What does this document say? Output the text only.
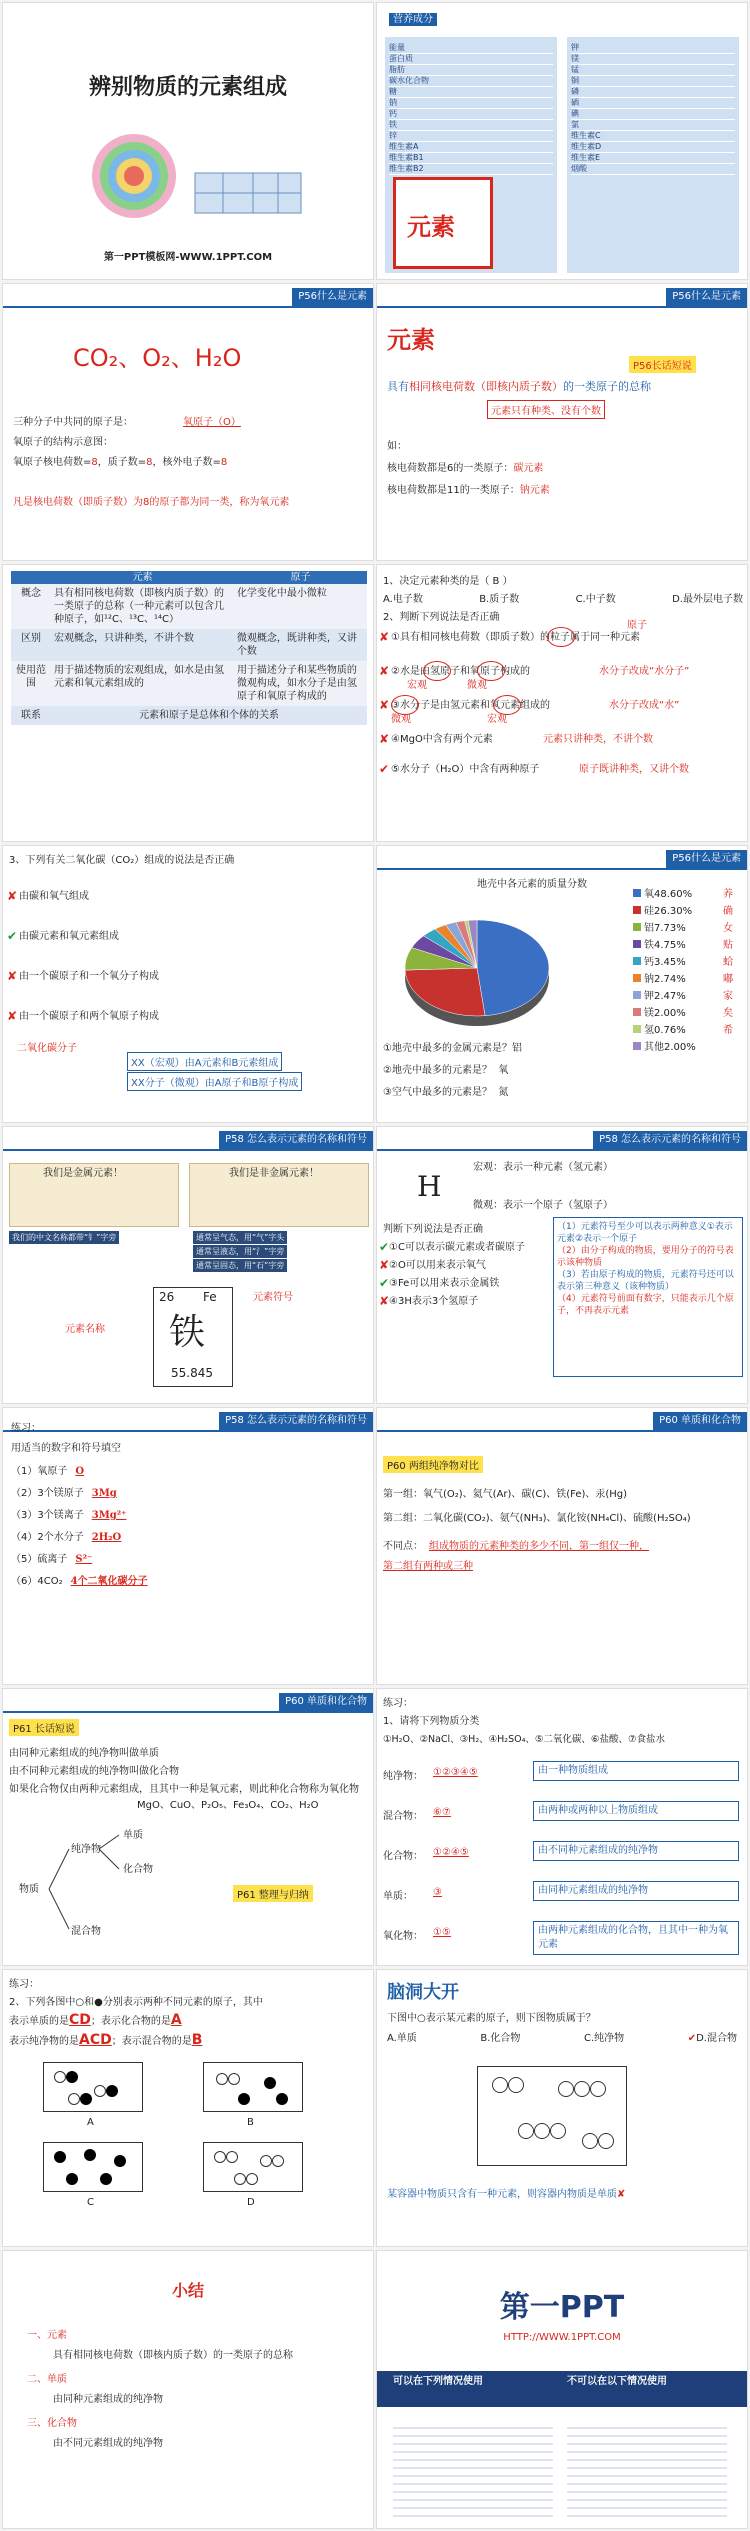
辨别物质的元素组成
第一PPT模板网-WWW.1PPT.COM
营养成分
元素
能量
蛋白质
脂肪
碳水化合物
糖
钠
钙
铁
锌
维生素A
维生素B1
维生素B2
钾
镁
锰
铜
磷
硒
碘
氯
维生素C
维生素D
维生素E
烟酸
P56什么是元素
CO₂、O₂、H₂O
三种分子中共同的原子是：	氧原子（O）
氧原子的结构示意图：
氧原子核电荷数=8，质子数=8，核外电子数=8
凡是核电荷数（即质子数）为8的原子都为同一类，称为氧元素
P56什么是元素
元素
P56长话短说
具有相同核电荷数（即核内质子数）的一类原子的总称
元素只有种类、没有个数
如：
核电荷数都是6的一类原子：碳元素
核电荷数都是11的一类原子：钠元素
	元素	原子
概念	具有相同核电荷数（即核内质子数）的一类原子的总称（一种元素可以包含几种原子，如¹²C、¹³C、¹⁴C）	化学变化中最小微粒
区别	宏观概念，只讲种类，不讲个数	微观概念，既讲种类，又讲个数
使用范围	用于描述物质的宏观组成，如水是由氢元素和氧元素组成的	用于描述分子和某些物质的微观构成，如水分子是由氢原子和氧原子构成的
联系	元素和原子是总体和个体的关系	
1、决定元素种类的是（ B ）
A.电子数	B.质子数	C.中子数	D.最外层电子数
2、判断下列说法是否正确
✘ ①具有相同核电荷数（即质子数）的粒子属于同一种元素
原子
✘ ②水是由氢原子和氧原子构成的	水分子改成“水分子”
宏观	微观
✘ ③水分子是由氢元素和氧元素组成的	水分子改成“水”
微观	宏观
✘ ④MgO中含有两个元素	元素只讲种类，不讲个数
✔ ⑤水分子（H₂O）中含有两种原子	原子既讲种类，又讲个数
3、下列有关二氧化碳（CO₂）组成的说法是否正确
✘ 由碳和氧气组成
✔ 由碳元素和氧元素组成
✘ 由一个碳原子和一个氧分子构成
✘ 由一个碳原子和两个氧原子构成
二氧化碳分子
XX（宏观）由A元素和B元素组成
XX分子（微观）由A原子和B原子构成
P56什么是元素
地壳中各元素的质量分数
氧48.60%
硅26.30%
铝7.73%
铁4.75%
钙3.45%
钠2.74%
钾2.47%
镁2.00%
氢0.76%
其他2.00%
养确女贴蛤嘟家矣希
①地壳中最多的金属元素是？铝
②地壳中最多的元素是？ 氧
③空气中最多的元素是？ 氮
P58 怎么表示元素的名称和符号
我们是金属元素！	我们是非金属元素！
我们的中文名称都带“钅”字旁	通常呈气态，用“气”字头
通常呈液态，用“氵”字旁
通常呈固态，用“石”字旁
26 Fe
铁
55.845
元素符号
元素名称
P58 怎么表示元素的名称和符号
H
宏观：表示一种元素（氢元素）
微观：表示一个原子（氢原子）
判断下列说法是否正确
✔ ①C可以表示碳元素或者碳原子
✘ ②O可以用来表示氧气
✔ ③Fe可以用来表示金属铁
✘ ④3H表示3个氢原子
（1）元素符号至少可以表示两种意义①表示元素②表示一个原子
（2）由分子构成的物质，要用分子的符号表示该种物质
（3）若由原子构成的物质，元素符号还可以表示第三种意义（该种物质）
（4）元素符号前面有数字，只能表示几个原子，不再表示元素
P58 怎么表示元素的名称和符号
练习：
用适当的数字和符号填空
（1）氧原子 O
（2）3个镁原子 3Mg
（3）3个镁离子 3Mg²⁺
（4）2个水分子 2H₂O
（5）硫离子 S²⁻
（6）4CO₂ 4个二氧化碳分子
P60 单质和化合物
P60 两组纯净物对比
第一组：氧气(O₂)、氦气(Ar)、碳(C)、铁(Fe)、汞(Hg)
第二组：二氧化碳(CO₂)、氨气(NH₃)、氯化铵(NH₄Cl)、硫酸(H₂SO₄)
不同点： 组成物质的元素种类的多少不同，第一组仅一种，
第二组有两种或三种
P60 单质和化合物
P61 长话短说
由同种元素组成的纯净物叫做单质
由不同种元素组成的纯净物叫做化合物
如果化合物仅由两种元素组成，且其中一种是氧元素，则此种化合物称为氧化物
MgO、CuO、P₂O₅、Fe₃O₄、CO₂、H₂O
物质
纯净物
单质
化合物
混合物
P61 整理与归纳
练习：
1、请将下列物质分类
①H₂O、②NaCl、③H₂、④H₂SO₄、⑤二氧化碳、⑥盐酸、⑦食盐水
纯净物： ①②③④⑤	由一种物质组成
混合物： ⑥⑦	由两种或两种以上物质组成
化合物： ①②④⑤	由不同种元素组成的纯净物
单质： ③	由同种元素组成的纯净物
氧化物： ①⑤	由两种元素组成的化合物，且其中一种为氧元素
练习：
2、下列各图中○和●分别表示两种不同元素的原子，其中
表示单质的是CD；表示化合物的是A
表示纯净物的是ACD；表示混合物的是B
A	B
C	D
脑洞大开
下图中○表示某元素的原子，则下图物质属于？
A.单质	B.化合物	C.纯净物	✔D.混合物
某容器中物质只含有一种元素，则容器内物质是单质✘
小结
一、元素
具有相同核电荷数（即核内质子数）的一类原子的总称
二、单质
由同种元素组成的纯净物
三、化合物
由不同元素组成的纯净物
第一PPT
HTTP://WWW.1PPT.COM
可以在下列情况使用	不可以在以下情况使用
